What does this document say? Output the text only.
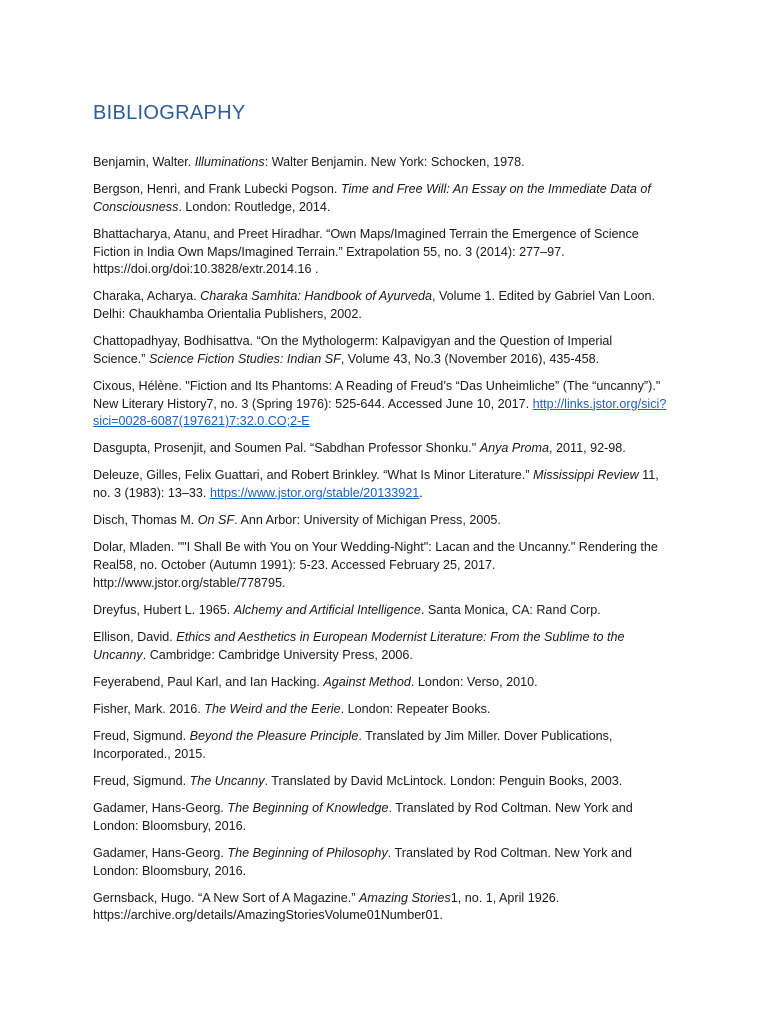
BIBLIOGRAPHY

Benjamin, Walter. Illuminations: Walter Benjamin. New York: Schocken, 1978.

Bergson, Henri, and Frank Lubecki Pogson. Time and Free Will: An Essay on the Immediate Data of Consciousness. London: Routledge, 2014.

Bhattacharya, Atanu, and Preet Hiradhar. “Own Maps/Imagined Terrain the Emergence of Science Fiction in India Own Maps/Imagined Terrain.” Extrapolation 55, no. 3 (2014): 277–97. https://doi.org/doi:10.3828/extr.2014.16 .

Charaka, Acharya. Charaka Samhita: Handbook of Ayurveda, Volume 1. Edited by Gabriel Van Loon. Delhi: Chaukhamba Orientalia Publishers, 2002.

Chattopadhyay, Bodhisattva. “On the Mythologerm: Kalpavigyan and the Question of Imperial Science.” Science Fiction Studies: Indian SF, Volume 43, No.3 (November 2016), 435-458.

Cixous, Hélène. "Fiction and Its Phantoms: A Reading of Freud’s “Das Unheimliche” (The “uncanny”)." New Literary History7, no. 3 (Spring 1976): 525-644. Accessed June 10, 2017. http://links.jstor.org/sici?sici=0028-6087(197621)7:32.0.CO;2-E

Dasgupta, Prosenjit, and Soumen Pal. “Sabdhan Professor Shonku." Anya Proma, 2011, 92-98.

Deleuze, Gilles, Felix Guattari, and Robert Brinkley. “What Is Minor Literature.” Mississippi Review 11, no. 3 (1983): 13–33. https://www.jstor.org/stable/20133921.

Disch, Thomas M. On SF. Ann Arbor: University of Michigan Press, 2005.

Dolar, Mladen. ""I Shall Be with You on Your Wedding-Night": Lacan and the Uncanny." Rendering the Real58, no. October (Autumn 1991): 5-23. Accessed February 25, 2017. http://www.jstor.org/stable/778795.

Dreyfus, Hubert L. 1965. Alchemy and Artificial Intelligence. Santa Monica, CA: Rand Corp.

Ellison, David. Ethics and Aesthetics in European Modernist Literature: From the Sublime to the Uncanny. Cambridge: Cambridge University Press, 2006.

Feyerabend, Paul Karl, and Ian Hacking. Against Method. London: Verso, 2010.

Fisher, Mark. 2016. The Weird and the Eerie. London: Repeater Books.

Freud, Sigmund. Beyond the Pleasure Principle. Translated by Jim Miller. Dover Publications, Incorporated., 2015.

Freud, Sigmund. The Uncanny. Translated by David McLintock. London: Penguin Books, 2003.

Gadamer, Hans-Georg. The Beginning of Knowledge. Translated by Rod Coltman. New York and London: Bloomsbury, 2016.

Gadamer, Hans-Georg. The Beginning of Philosophy. Translated by Rod Coltman. New York and London: Bloomsbury, 2016.

Gernsback, Hugo. “A New Sort of A Magazine.” Amazing Stories1, no. 1, April 1926. https://archive.org/details/AmazingStoriesVolume01Number01.
